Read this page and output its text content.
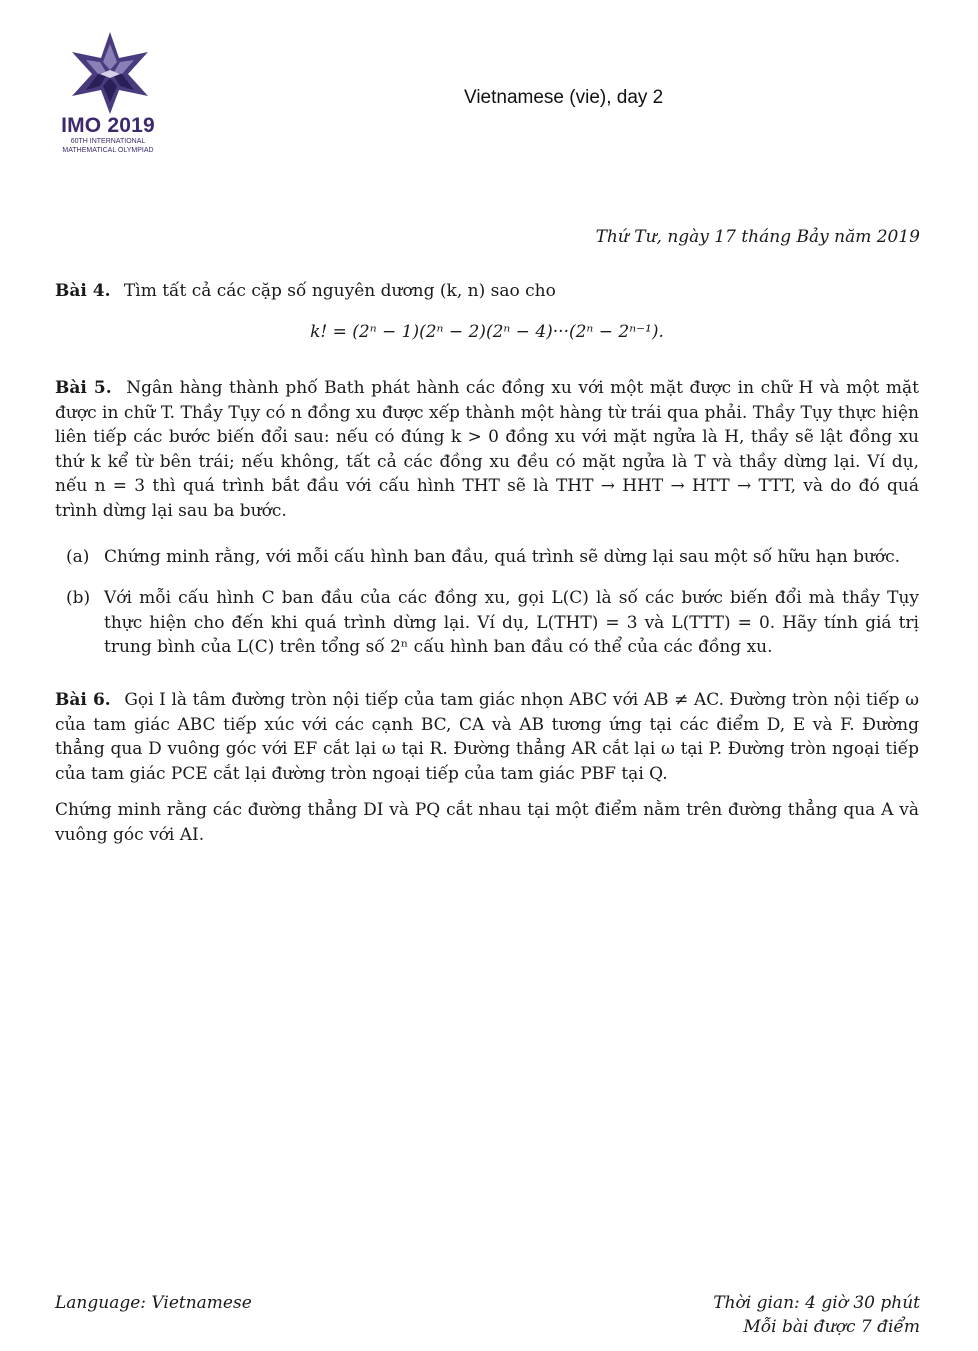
IMO 2019
60TH INTERNATIONAL
MATHEMATICAL OLYMPIAD
Vietnamese (vie), day 2
Thứ Tư, ngày 17 tháng Bảy năm 2019
Bài 4. Tìm tất cả các cặp số nguyên dương (k, n) sao cho
k! = (2ⁿ − 1)(2ⁿ − 2)(2ⁿ − 4)···(2ⁿ − 2ⁿ⁻¹).
Bài 5. Ngân hàng thành phố Bath phát hành các đồng xu với một mặt được in chữ H và một mặt được in chữ T. Thầy Tụy có n đồng xu được xếp thành một hàng từ trái qua phải. Thầy Tụy thực hiện liên tiếp các bước biến đổi sau: nếu có đúng k > 0 đồng xu với mặt ngửa là H, thầy sẽ lật đồng xu thứ k kể từ bên trái; nếu không, tất cả các đồng xu đều có mặt ngửa là T và thầy dừng lại. Ví dụ, nếu n = 3 thì quá trình bắt đầu với cấu hình THT sẽ là THT → HHT → HTT → TTT, và do đó quá trình dừng lại sau ba bước.
(a) Chứng minh rằng, với mỗi cấu hình ban đầu, quá trình sẽ dừng lại sau một số hữu hạn bước.
(b) Với mỗi cấu hình C ban đầu của các đồng xu, gọi L(C) là số các bước biến đổi mà thầy Tụy thực hiện cho đến khi quá trình dừng lại. Ví dụ, L(THT) = 3 và L(TTT) = 0. Hãy tính giá trị trung bình của L(C) trên tổng số 2ⁿ cấu hình ban đầu có thể của các đồng xu.
Bài 6. Gọi I là tâm đường tròn nội tiếp của tam giác nhọn ABC với AB ≠ AC. Đường tròn nội tiếp ω của tam giác ABC tiếp xúc với các cạnh BC, CA và AB tương ứng tại các điểm D, E và F. Đường thẳng qua D vuông góc với EF cắt lại ω tại R. Đường thẳng AR cắt lại ω tại P. Đường tròn ngoại tiếp của tam giác PCE cắt lại đường tròn ngoại tiếp của tam giác PBF tại Q.
Chứng minh rằng các đường thẳng DI và PQ cắt nhau tại một điểm nằm trên đường thẳng qua A và vuông góc với AI.
Language: Vietnamese	Thời gian: 4 giờ 30 phút
Mỗi bài được 7 điểm
